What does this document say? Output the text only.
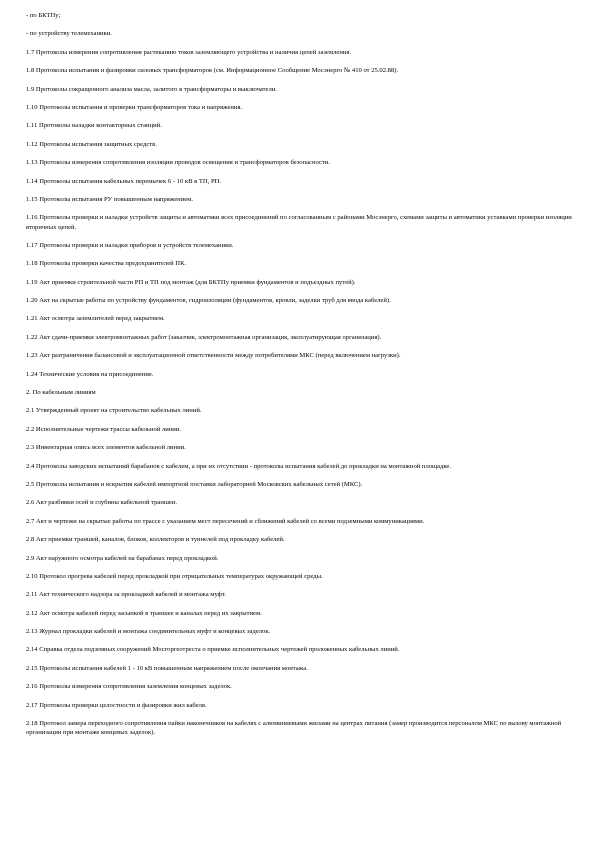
- по БКТПу;

- по устройству телемеханики.

1.7 Протоколы измерения сопротивления растеканию токов заземляющего устройства и наличия цепей заземления.

1.8 Протоколы испытания и фазировки силовых трансформаторов (см. Информационное Сообщение Мосэнерго № 410 от 25.02.88).

1.9 Протоколы сокращенного анализа масла, залитого в трансформаторы и выключатели.

1.10 Протоколы испытания и проверки трансформаторов тока и напряжения.

1.11 Протоколы наладки контакторных станций.

1.12 Протоколы испытания защитных средств.

1.13 Протоколы измерения сопротивления изоляции проводов освещения и трансформаторов безопасности.

1.14 Протоколы испытания кабельных перемычек 6 - 10 кВ в ТП, РП.

1.15 Протоколы испытания РУ повышенным напряжением.

1.16 Протоколы проверки и наладки устройств защиты и автоматики всех присоединений по согласованным с районами Мосэнерго, схемами защиты и автоматики уставками проверки изоляции вторичных цепей.

1.17 Протоколы проверки и наладки приборов и устройств телемеханики.

1.18 Протоколы проверки качества предохранителей ПК.

1.19 Акт приемки строительной части РП и ТП под монтаж (для БКТПу приемки фундаментов и подъездных путей).

1.20 Акт на скрытые работы по устройству фундаментов, гидроизоляции (фундаментов, кровли, заделки труб для ввода кабелей).

1.21 Акт осмотра заземлителей перед закрытием.

1.22 Акт сдачи-приемки электромонтажных работ (заказчик, электромонтажная организация, эксплуатирующая организация).

1.23 Акт разграничения балансовой и эксплуатационной ответственности между потребителями МКС (перед включением нагрузки).

1.24 Технические условия на присоединение.

2. По кабельным линиям

2.1 Утвержденный проект на строительство кабельных линий.

2.2 Исполнительные чертежи трассы кабельной линии.

2.3 Инвентарная опись всех элементов кабельной линии.

2.4 Протоколы заводских испытаний барабанов с кабелем, а при их отсутствии - протоколы испытания кабелей до прокладки на монтажной площадке.

2.5 Протоколы испытания и вскрытия кабелей импортной поставки лабораторией Московских кабельных сетей (МКС).

2.6 Акт разбивки осей и глубины кабельной траншеи.

2.7 Акт и чертежи на скрытые работы по трассе с указанием мест пересечений и сближений кабелей со всеми подземными коммуникациями.

2.8 Акт приемки траншей, каналов, блоков, коллекторов и туннелей под прокладку кабелей.

2.9 Акт наружного осмотра кабелей на барабанах перед прокладкой.

2.10 Протокол прогрева кабелей перед прокладкой при отрицательных температурах окружающей среды.

2.11 Акт технического надзора за прокладкой кабелей и монтажа муфт.

2.12 Акт осмотра кабелей перед засыпкой в траншее и каналах перед их закрытием.

2.13 Журнал прокладки кабелей и монтажа соединительных муфт и концевых заделок.

2.14 Справка отдела подземных сооружений Мосгоргеотреста о приемке исполнительных чертежей проложенных кабельных линий.

2.15 Протоколы испытания кабелей 1 - 10 кВ повышенным напряжением после окончания монтажа.

2.16 Протоколы измерения сопротивления заземления концевых заделок.

2.17 Протоколы проверки целостности и фазировки жил кабеля.

2.18 Протокол замера переходного сопротивления пайки наконечников на кабелях с алюминиевыми жилами на центрах питания (замер производится персоналом МКС по вызову монтажной организации при монтаже концевых заделок).
